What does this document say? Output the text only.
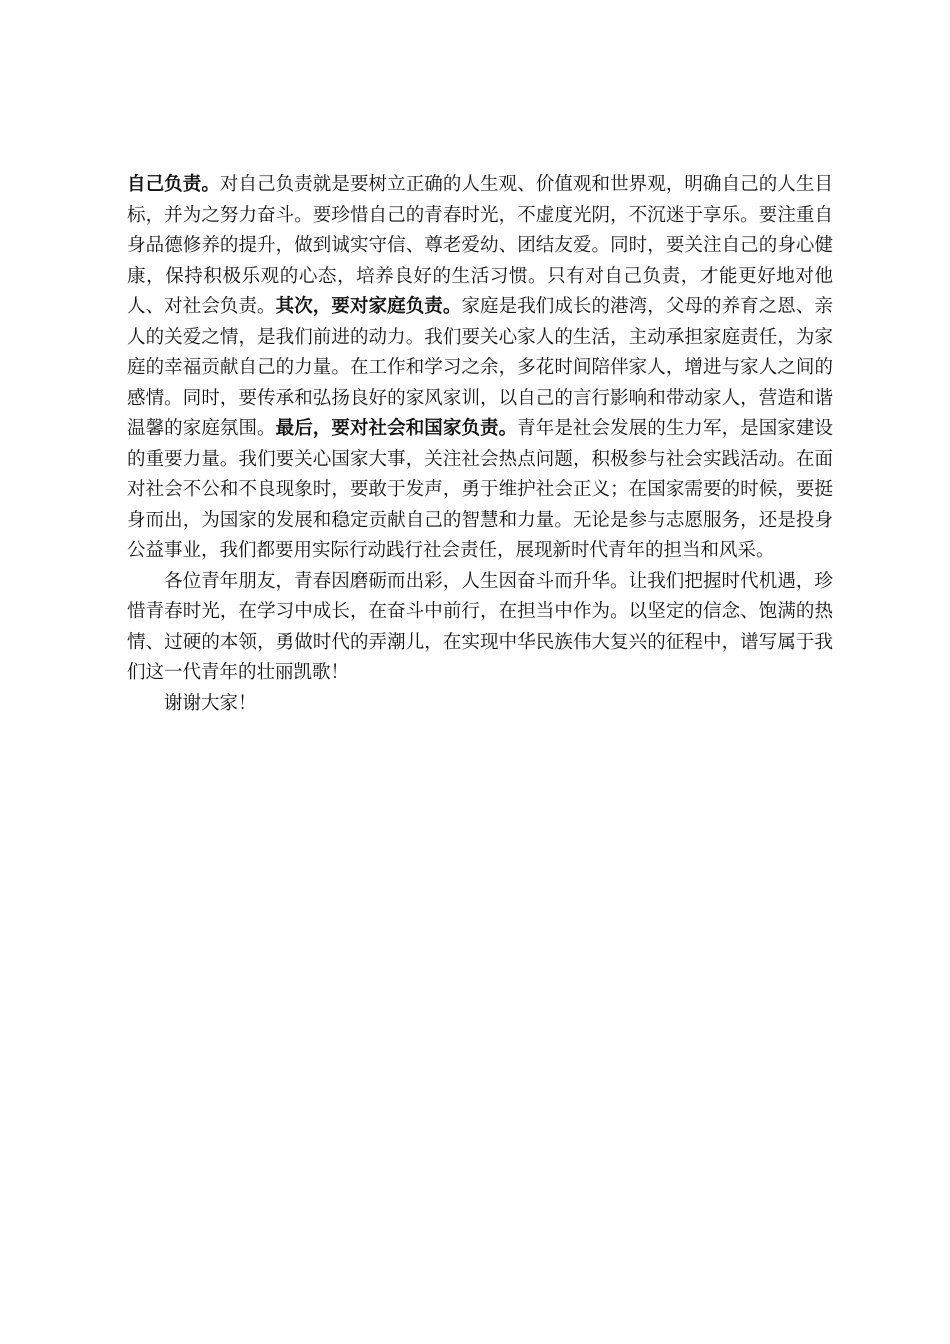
自己负责。对自己负责就是要树立正确的人生观、价值观和世界观，明确自己的人生目标，并为之努力奋斗。要珍惜自己的青春时光，不虚度光阴，不沉迷于享乐。要注重自身品德修养的提升，做到诚实守信、尊老爱幼、团结友爱。同时，要关注自己的身心健康，保持积极乐观的心态，培养良好的生活习惯。只有对自己负责，才能更好地对他人、对社会负责。其次，要对家庭负责。家庭是我们成长的港湾，父母的养育之恩、亲人的关爱之情，是我们前进的动力。我们要关心家人的生活，主动承担家庭责任，为家庭的幸福贡献自己的力量。在工作和学习之余，多花时间陪伴家人，增进与家人之间的感情。同时，要传承和弘扬良好的家风家训，以自己的言行影响和带动家人，营造和谐温馨的家庭氛围。最后，要对社会和国家负责。青年是社会发展的生力军，是国家建设的重要力量。我们要关心国家大事，关注社会热点问题，积极参与社会实践活动。在面对社会不公和不良现象时，要敢于发声，勇于维护社会正义；在国家需要的时候，要挺身而出，为国家的发展和稳定贡献自己的智慧和力量。无论是参与志愿服务，还是投身公益事业，我们都要用实际行动践行社会责任，展现新时代青年的担当和风采。

各位青年朋友，青春因磨砺而出彩，人生因奋斗而升华。让我们把握时代机遇，珍惜青春时光，在学习中成长，在奋斗中前行，在担当中作为。以坚定的信念、饱满的热情、过硬的本领，勇做时代的弄潮儿，在实现中华民族伟大复兴的征程中，谱写属于我们这一代青年的壮丽凯歌！

谢谢大家！
